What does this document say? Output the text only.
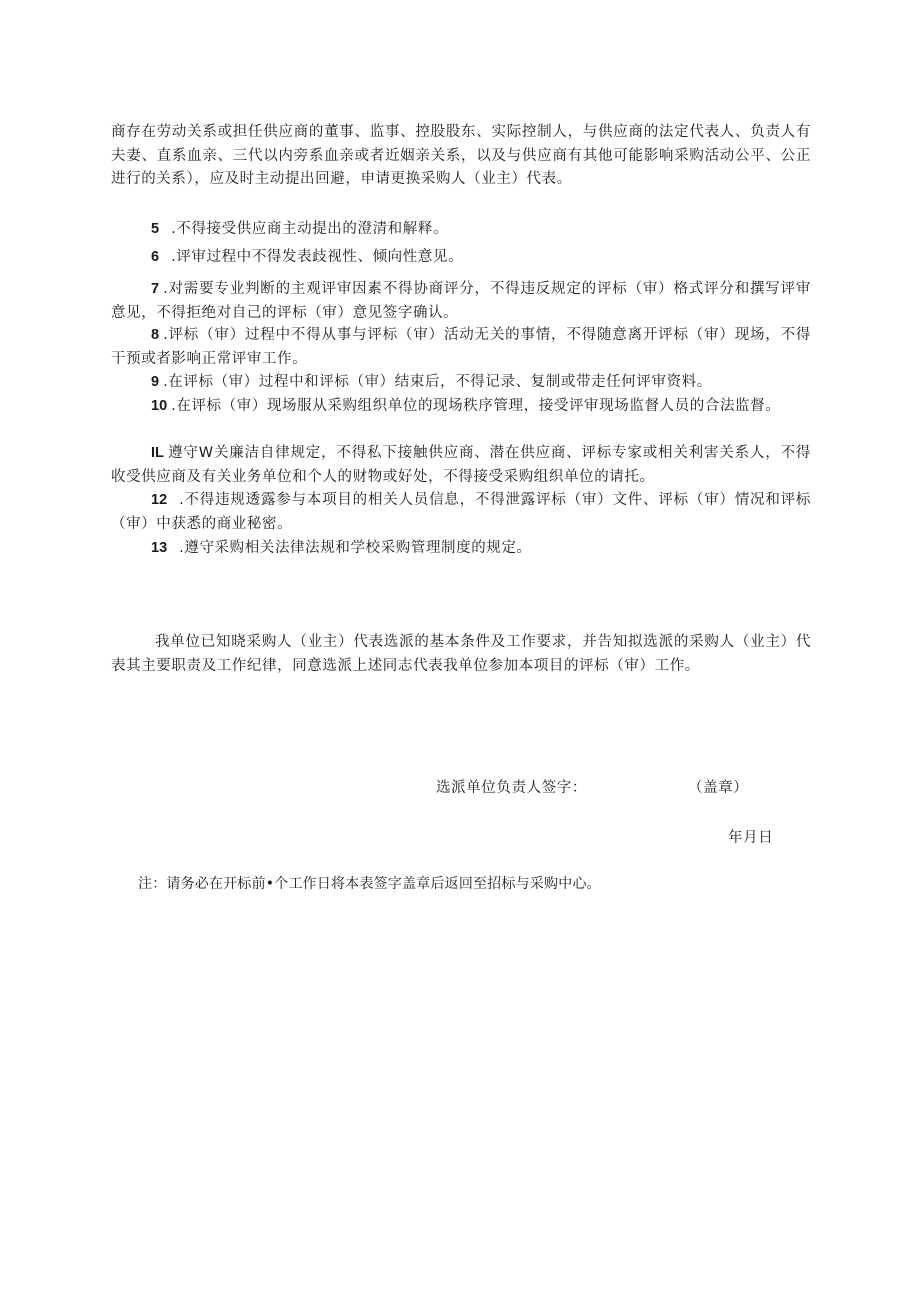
商存在劳动关系或担任供应商的董事、监事、控股股东、实际控制人，与供应商的法定代表人、负责人有夫妻、直系血亲、三代以内旁系血亲或者近姻亲关系，以及与供应商有其他可能影响采购活动公平、公正进行的关系），应及时主动提出回避，申请更换采购人（业主）代表。

5 .不得接受供应商主动提出的澄清和解释。

6 .评审过程中不得发表歧视性、倾向性意见。

7 .对需要专业判断的主观评审因素不得协商评分，不得违反规定的评标（审）格式评分和撰写评审意见，不得拒绝对自己的评标（审）意见签字确认。

8 .评标（审）过程中不得从事与评标（审）活动无关的事情，不得随意离开评标（审）现场，不得干预或者影响正常评审工作。

9 .在评标（审）过程中和评标（审）结束后，不得记录、复制或带走任何评审资料。

10 .在评标（审）现场服从采购组织单位的现场秩序管理，接受评审现场监督人员的合法监督。

IL 遵守W关廉洁自律规定，不得私下接触供应商、潜在供应商、评标专家或相关利害关系人，不得收受供应商及有关业务单位和个人的财物或好处，不得接受采购组织单位的请托。

12 .不得违规透露参与本项目的相关人员信息，不得泄露评标（审）文件、评标（审）情况和评标（审）中获悉的商业秘密。

13 .遵守采购相关法律法规和学校采购管理制度的规定。

我单位已知晓采购人（业主）代表选派的基本条件及工作要求，并告知拟选派的采购人（业主）代表其主要职责及工作纪律，同意选派上述同志代表我单位参加本项目的评标（审）工作。

选派单位负责人签字：	（盖章）
年月日
注：请务必在开标前•个工作日将本表签字盖章后返回至招标与采购中心。
